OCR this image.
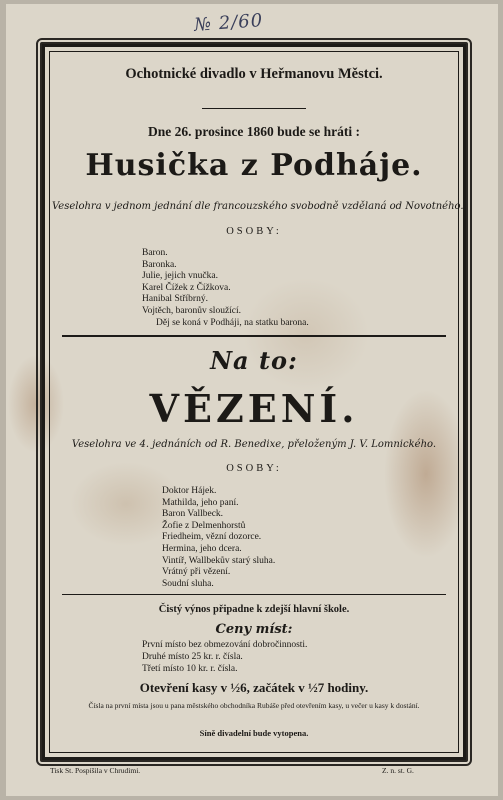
№ 2/60
Ochotnické divadlo v Heřmanovu Městci.
Dne 26. prosince 1860 bude se hráti :
Husička z Podháje.
Veselohra v jednom jednání dle francouzského svobodně vzdělaná od Novotného.
OSOBY:
Baron.
Baronka.
Julie, jejich vnučka.
Karel Čížek z Čížkova.
Hanibal Stříbrný.
Vojtěch, baronův sloužící.
Děj se koná v Podháji, na statku barona.
Na to:
VĚZENÍ.
Veselohra ve 4. jednáních od R. Benedixe, přeloženým J. V. Lomnického.
OSOBY:
Doktor Hájek.
Mathilda, jeho paní.
Baron Vallbeck.
Žofie z Delmenhorstů
Friedheim, vězní dozorce.
Hermina, jeho dcera.
Vintíř, Wallbekův starý sluha.
Vrátný při vězení.
Soudní sluha.
Čistý výnos připadne k zdejší hlavní škole.
Ceny míst:
První místo bez obmezování dobročinnosti.
Druhé místo 25 kr. r. čísla.
Třetí místo 10 kr. r. čísla.
Otevření kasy v ½6, začátek v ½7 hodiny.
Čísla na první místa jsou u pana městského obchodníka Rubáše před otevřením kasy, u večer u kasy k dostání.
Síně divadelní bude vytopena.
Tisk St. Pospíšila v Chrudimi.	Z. n. st. G.
